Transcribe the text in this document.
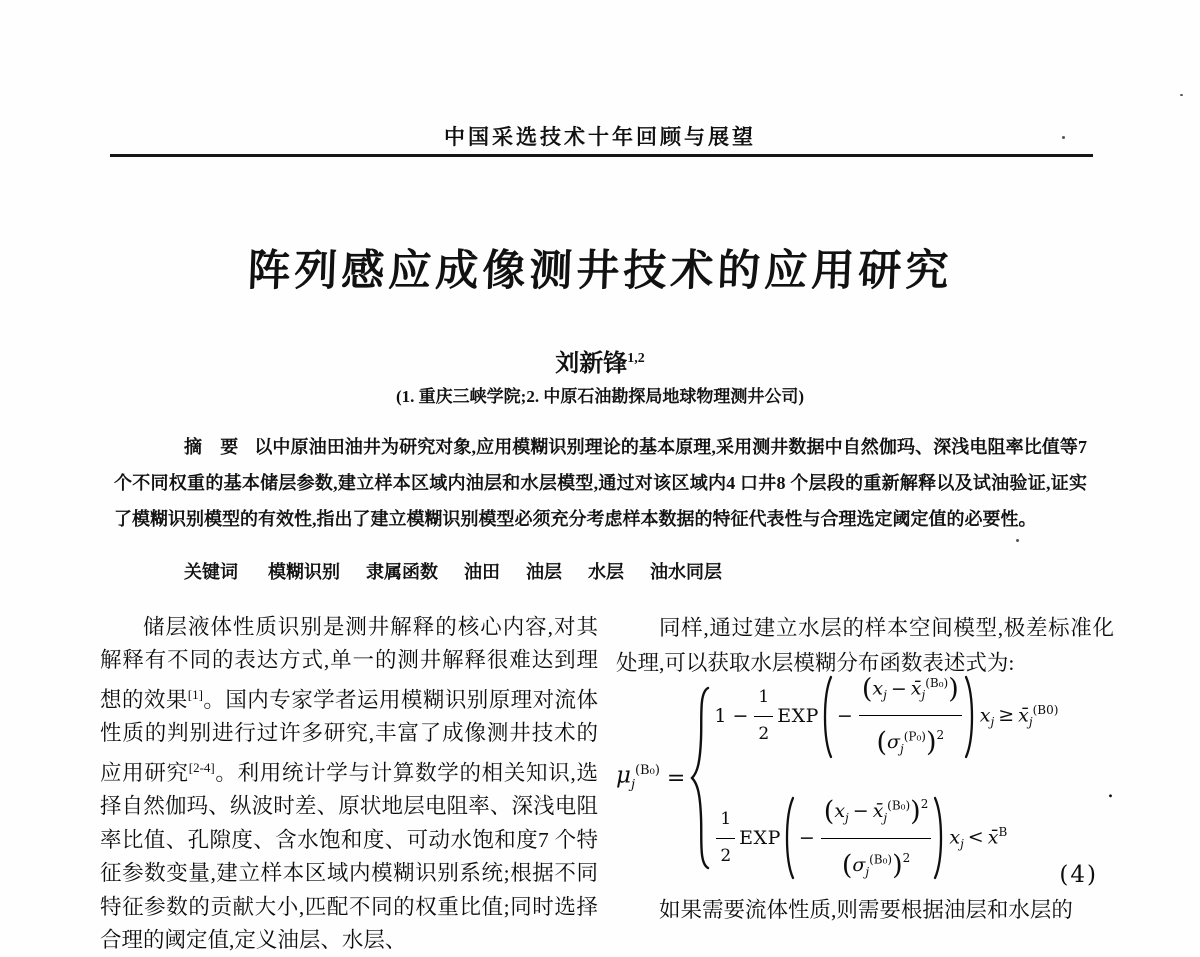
中国采选技术十年回顾与展望
阵列感应成像测井技术的应用研究
刘新锋$^{1,2}$
(1. 重庆三峡学院;2. 中原石油勘探局地球物理测井公司)

摘　要 以中原油田油井为研究对象,应用模糊识别理论的基本原理,采用测井数据中自然伽玛、深浅电阻率比值等7个不同权重的基本储层参数,建立样本区域内油层和水层模型,通过对该区域内4 口井8 个层段的重新解释以及试油验证,证实了模糊识别模型的有效性,指出了建立模糊识别模型必须充分考虑样本数据的特征代表性与合理选定阈定值的必要性。

关键词 模糊识别 隶属函数 油田 油层 水层 油水同层

储层液体性质识别是测井解释的核心内容,对其解释有不同的表达方式,单一的测井解释很难达到理想的效果[1]。国内专家学者运用模糊识别原理对流体性质的判别进行过许多研究,丰富了成像测井技术的应用研究[2-4]。利用统计学与计算数学的相关知识,选择自然伽玛、纵波时差、原状地层电阻率、深浅电阻率比值、孔隙度、含水饱和度、可动水饱和度7 个特征参数变量,建立样本区域内模糊识别系统;根据不同特征参数的贡献大小,匹配不同的权重比值;同时选择合理的阈定值,定义油层、水层、

同样,通过建立水层的样本空间模型,极差标准化处理,可以获取水层模糊分布函数表述式为:

$\mu_j^{(B_0)}$ =
$1 - \frac{1}{2}$ EXP − $\frac{(x_j - x̄_j^{(B_0)})}{(\sigma_j^{(P_0)})^2} x_j$ ≥ $x̄_j^{(B0)}$
$\frac{1}{2}$ EXP − $\frac{(x_j - x̄_j^{(B_0)})^2}{(\sigma_j^{(B_0)})^2} x_j$ < x̄$^B$
.
(4)

如果需要流体性质,则需要根据油层和水层的
